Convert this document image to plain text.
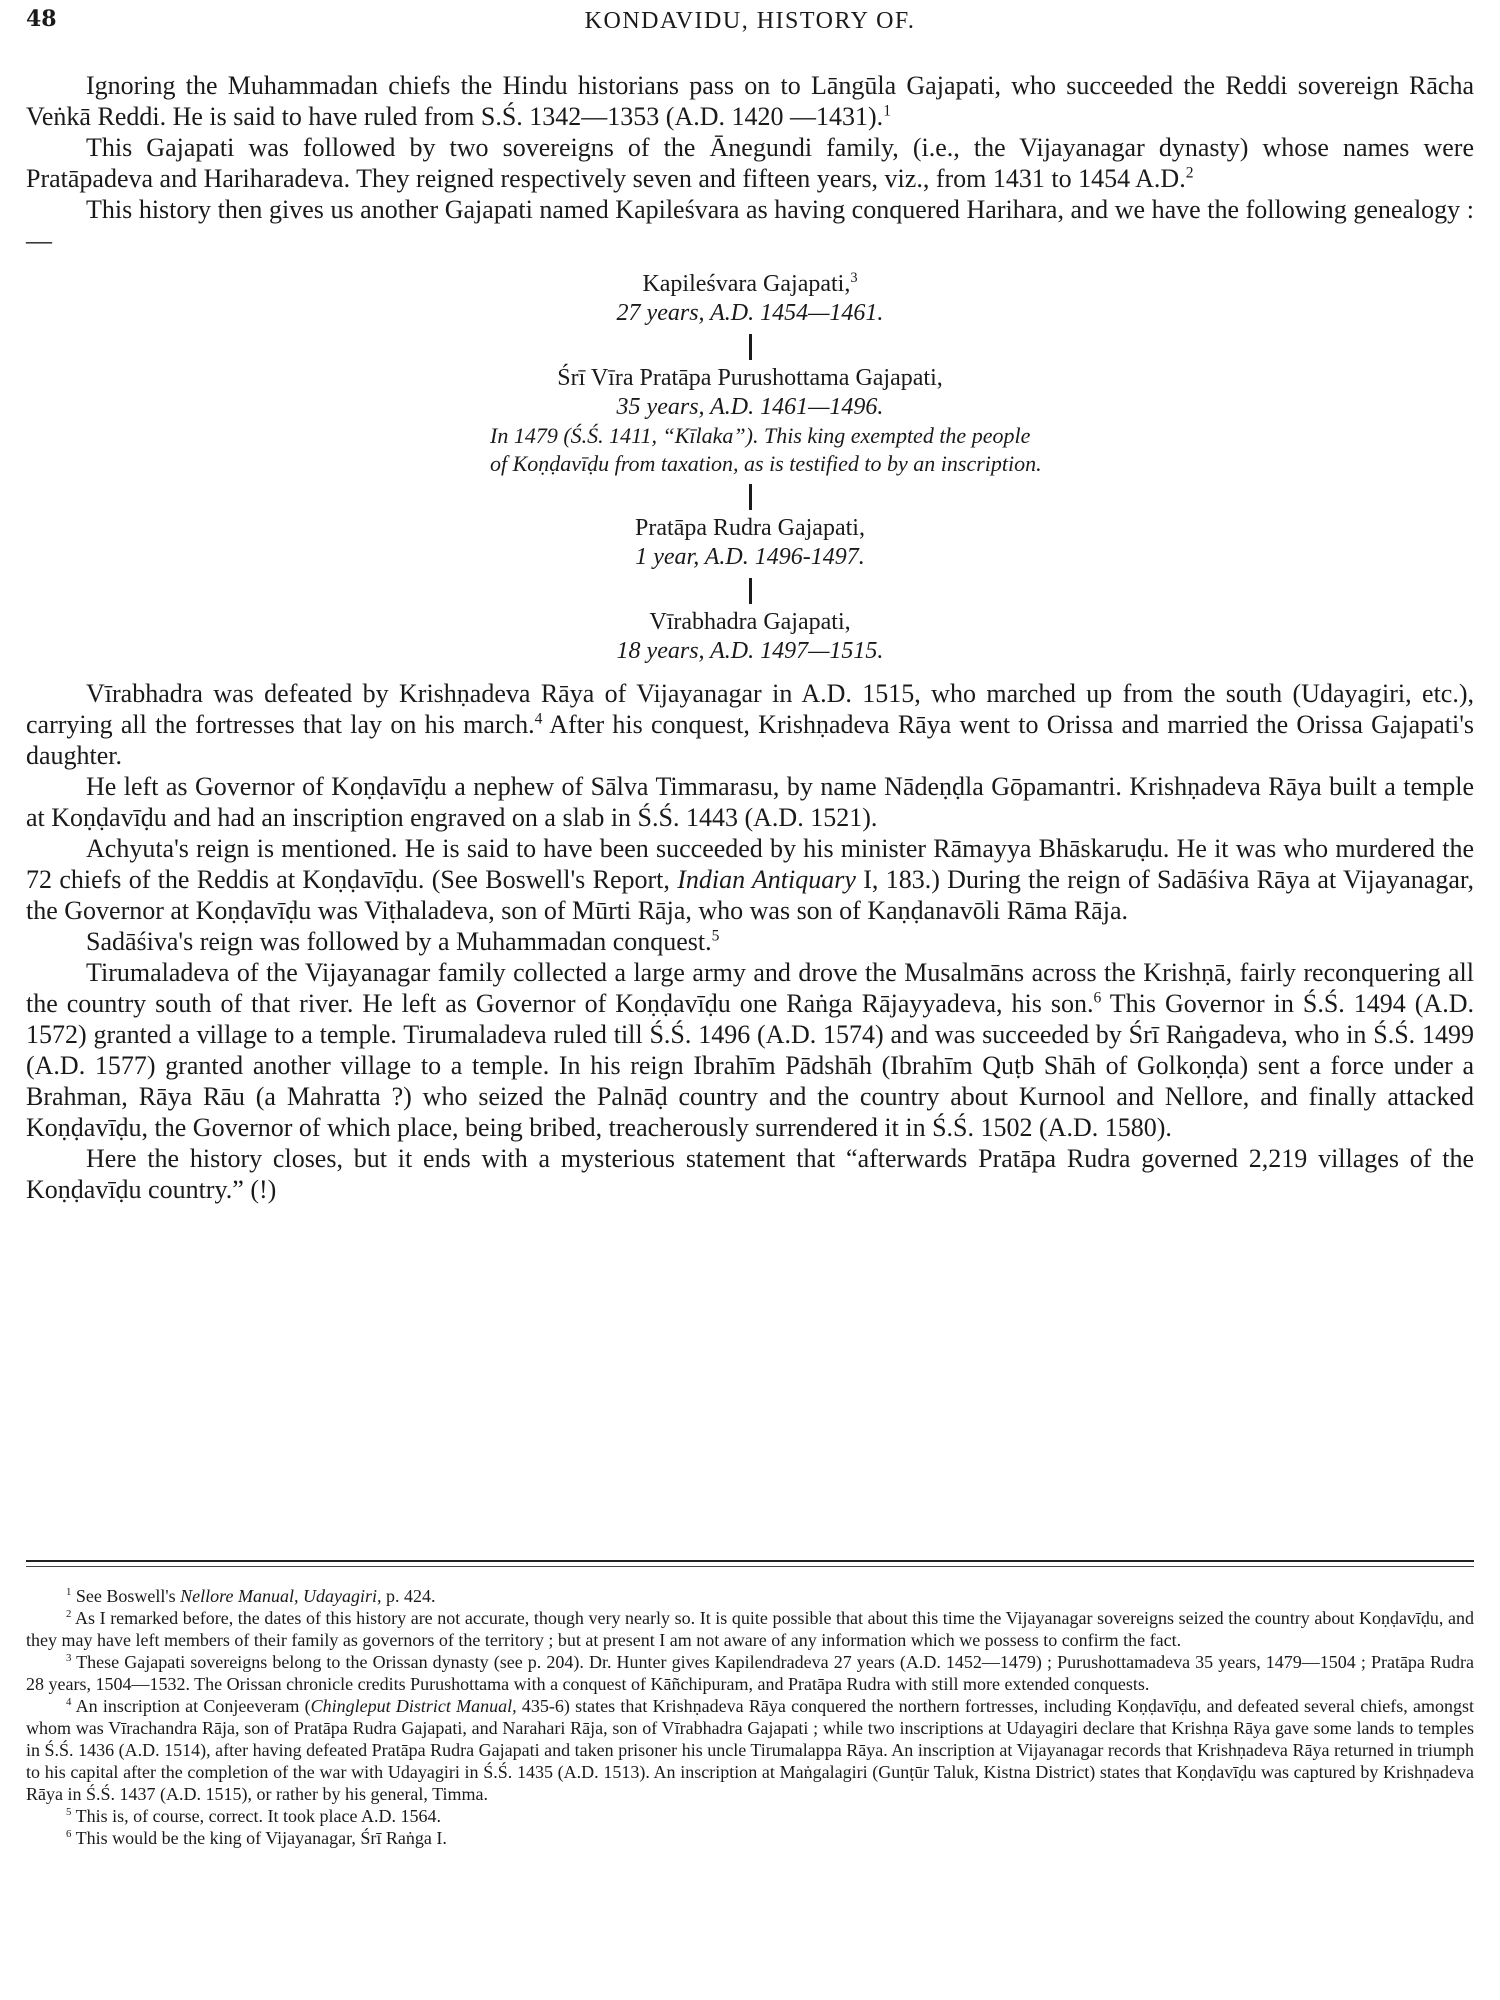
48	KONDAVIDU, HISTORY OF.

Ignoring the Muhammadan chiefs the Hindu historians pass on to Lāngūla Gajapati, who succeeded the Reddi sovereign Rācha Veṅkā Reddi. He is said to have ruled from S.Ś. 1342—1353 (A.D. 1420 —1431).$^1$

This Gajapati was followed by two sovereigns of the Ānegundi family, (i.e., the Vijayanagar dynasty) whose names were Pratāpadeva and Hariharadeva. They reigned respectively seven and fifteen years, viz., from 1431 to 1454 A.D.$^2$

This history then gives us another Gajapati named Kapileśvara as having conquered Harihara, and we have the following genealogy :—

Kapileśvara Gajapati,$^3$
27 years, A.D. 1454—1461.
Śrī Vīra Pratāpa Purushottama Gajapati,
35 years, A.D. 1461—1496.
In 1479 (Ś.Ś. 1411, “Kīlaka”). This king exempted the people of Koṇḍavīḍu from taxation, as is testified to by an inscription.
Pratāpa Rudra Gajapati,
1 year, A.D. 1496-1497.
Vīrabhadra Gajapati,
18 years, A.D. 1497—1515.

Vīrabhadra was defeated by Krishṇadeva Rāya of Vijayanagar in A.D. 1515, who marched up from the south (Udayagiri, etc.), carrying all the fortresses that lay on his march.$^4$ After his conquest, Krishṇadeva Rāya went to Orissa and married the Orissa Gajapati's daughter.

He left as Governor of Koṇḍavīḍu a nephew of Sālva Timmarasu, by name Nādeṇḍla Gōpamantri. Krishṇadeva Rāya built a temple at Koṇḍavīḍu and had an inscription engraved on a slab in Ś.Ś. 1443 (A.D. 1521).

Achyuta's reign is mentioned. He is said to have been succeeded by his minister Rāmayya Bhāskaruḍu. He it was who murdered the 72 chiefs of the Reddis at Koṇḍavīḍu. (See Boswell's Report, Indian Antiquary I, 183.) During the reign of Sadāśiva Rāya at Vijayanagar, the Governor at Koṇḍavīḍu was Viṭhaladeva, son of Mūrti Rāja, who was son of Kaṇḍanavōli Rāma Rāja.

Sadāśiva's reign was followed by a Muhammadan conquest.$^5$

Tirumaladeva of the Vijayanagar family collected a large army and drove the Musalmāns across the Krishṇā, fairly reconquering all the country south of that river. He left as Governor of Koṇḍavīḍu one Raṅga Rājayyadeva, his son.$^6$ This Governor in Ś.Ś. 1494 (A.D. 1572) granted a village to a temple. Tirumaladeva ruled till Ś.Ś. 1496 (A.D. 1574) and was succeeded by Śrī Raṅgadeva, who in Ś.Ś. 1499 (A.D. 1577) granted another village to a temple. In his reign Ibrahīm Pādshāh (Ibrahīm Quṭb Shāh of Golkoṇḍa) sent a force under a Brahman, Rāya Rāu (a Mahratta ?) who seized the Palnāḍ country and the country about Kurnool and Nellore, and finally attacked Koṇḍavīḍu, the Governor of which place, being bribed, treacherously surrendered it in Ś.Ś. 1502 (A.D. 1580).

Here the history closes, but it ends with a mysterious statement that “afterwards Pratāpa Rudra governed 2,219 villages of the Koṇḍavīḍu country.” (!)

$^1$ See Boswell's Nellore Manual, Udayagiri, p. 424.

$^2$ As I remarked before, the dates of this history are not accurate, though very nearly so. It is quite possible that about this time the Vijayanagar sovereigns seized the country about Koṇḍavīḍu, and they may have left members of their family as governors of the territory ; but at present I am not aware of any information which we possess to confirm the fact.

$^3$ These Gajapati sovereigns belong to the Orissan dynasty (see p. 204). Dr. Hunter gives Kapilendradeva 27 years (A.D. 1452—1479) ; Purushottamadeva 35 years, 1479—1504 ; Pratāpa Rudra 28 years, 1504—1532. The Orissan chronicle credits Purushottama with a conquest of Kāñchipuram, and Pratāpa Rudra with still more extended conquests.

$^4$ An inscription at Conjeeveram (Chingleput District Manual, 435-6) states that Krishṇadeva Rāya conquered the northern fortresses, including Koṇḍavīḍu, and defeated several chiefs, amongst whom was Vīrachandra Rāja, son of Pratāpa Rudra Gajapati, and Narahari Rāja, son of Vīrabhadra Gajapati ; while two inscriptions at Udayagiri declare that Krishṇa Rāya gave some lands to temples in Ś.Ś. 1436 (A.D. 1514), after having defeated Pratāpa Rudra Gajapati and taken prisoner his uncle Tirumalappa Rāya. An inscription at Vijayanagar records that Krishṇadeva Rāya returned in triumph to his capital after the completion of the war with Udayagiri in Ś.Ś. 1435 (A.D. 1513). An inscription at Maṅgalagiri (Gunṭūr Taluk, Kistna District) states that Koṇḍavīḍu was captured by Krishṇadeva Rāya in Ś.Ś. 1437 (A.D. 1515), or rather by his general, Timma.

$^5$ This is, of course, correct. It took place A.D. 1564.

$^6$ This would be the king of Vijayanagar, Śrī Raṅga I.
